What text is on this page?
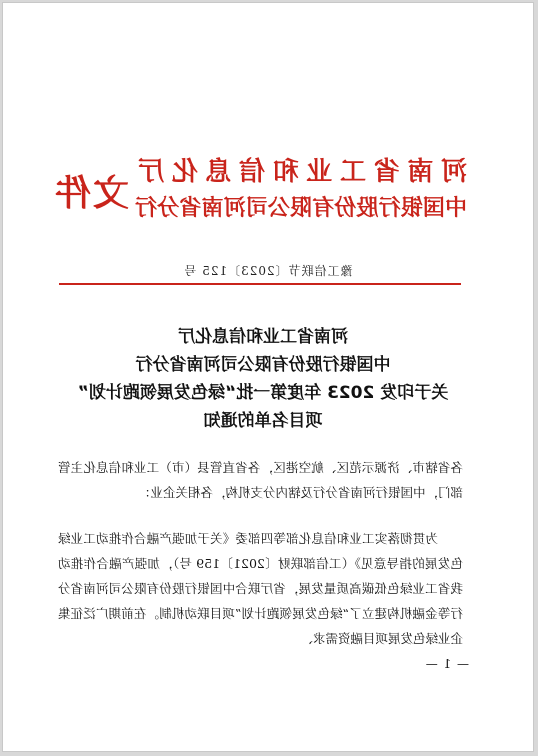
河南省工业和信息化厅
中国银行股份有限公司河南省分行
文件
豫工信联节〔2023〕125 号
河南省工业和信息化厅
中国银行股份有限公司河南省分行
关于印发 2023 年度第一批“绿色发展领跑计划”
项目名单的通知
各省辖市、济源示范区、航空港区，各省直管县（市）工业和信息化主管部门，中国银行河南省分行及辖内分支机构，各相关企业：
为贯彻落实工业和信息化部等四部委《关于加强产融合作推动工业绿色发展的指导意见》（工信部联财〔2021〕159 号），加强产融合作推动我省工业绿色低碳高质量发展，省厅联合中国银行股份有限公司河南省分行等金融机构建立了“绿色发展领跑计划”项目联动机制。在前期广泛征集企业绿色发展项目融资需求、
— 1 —
